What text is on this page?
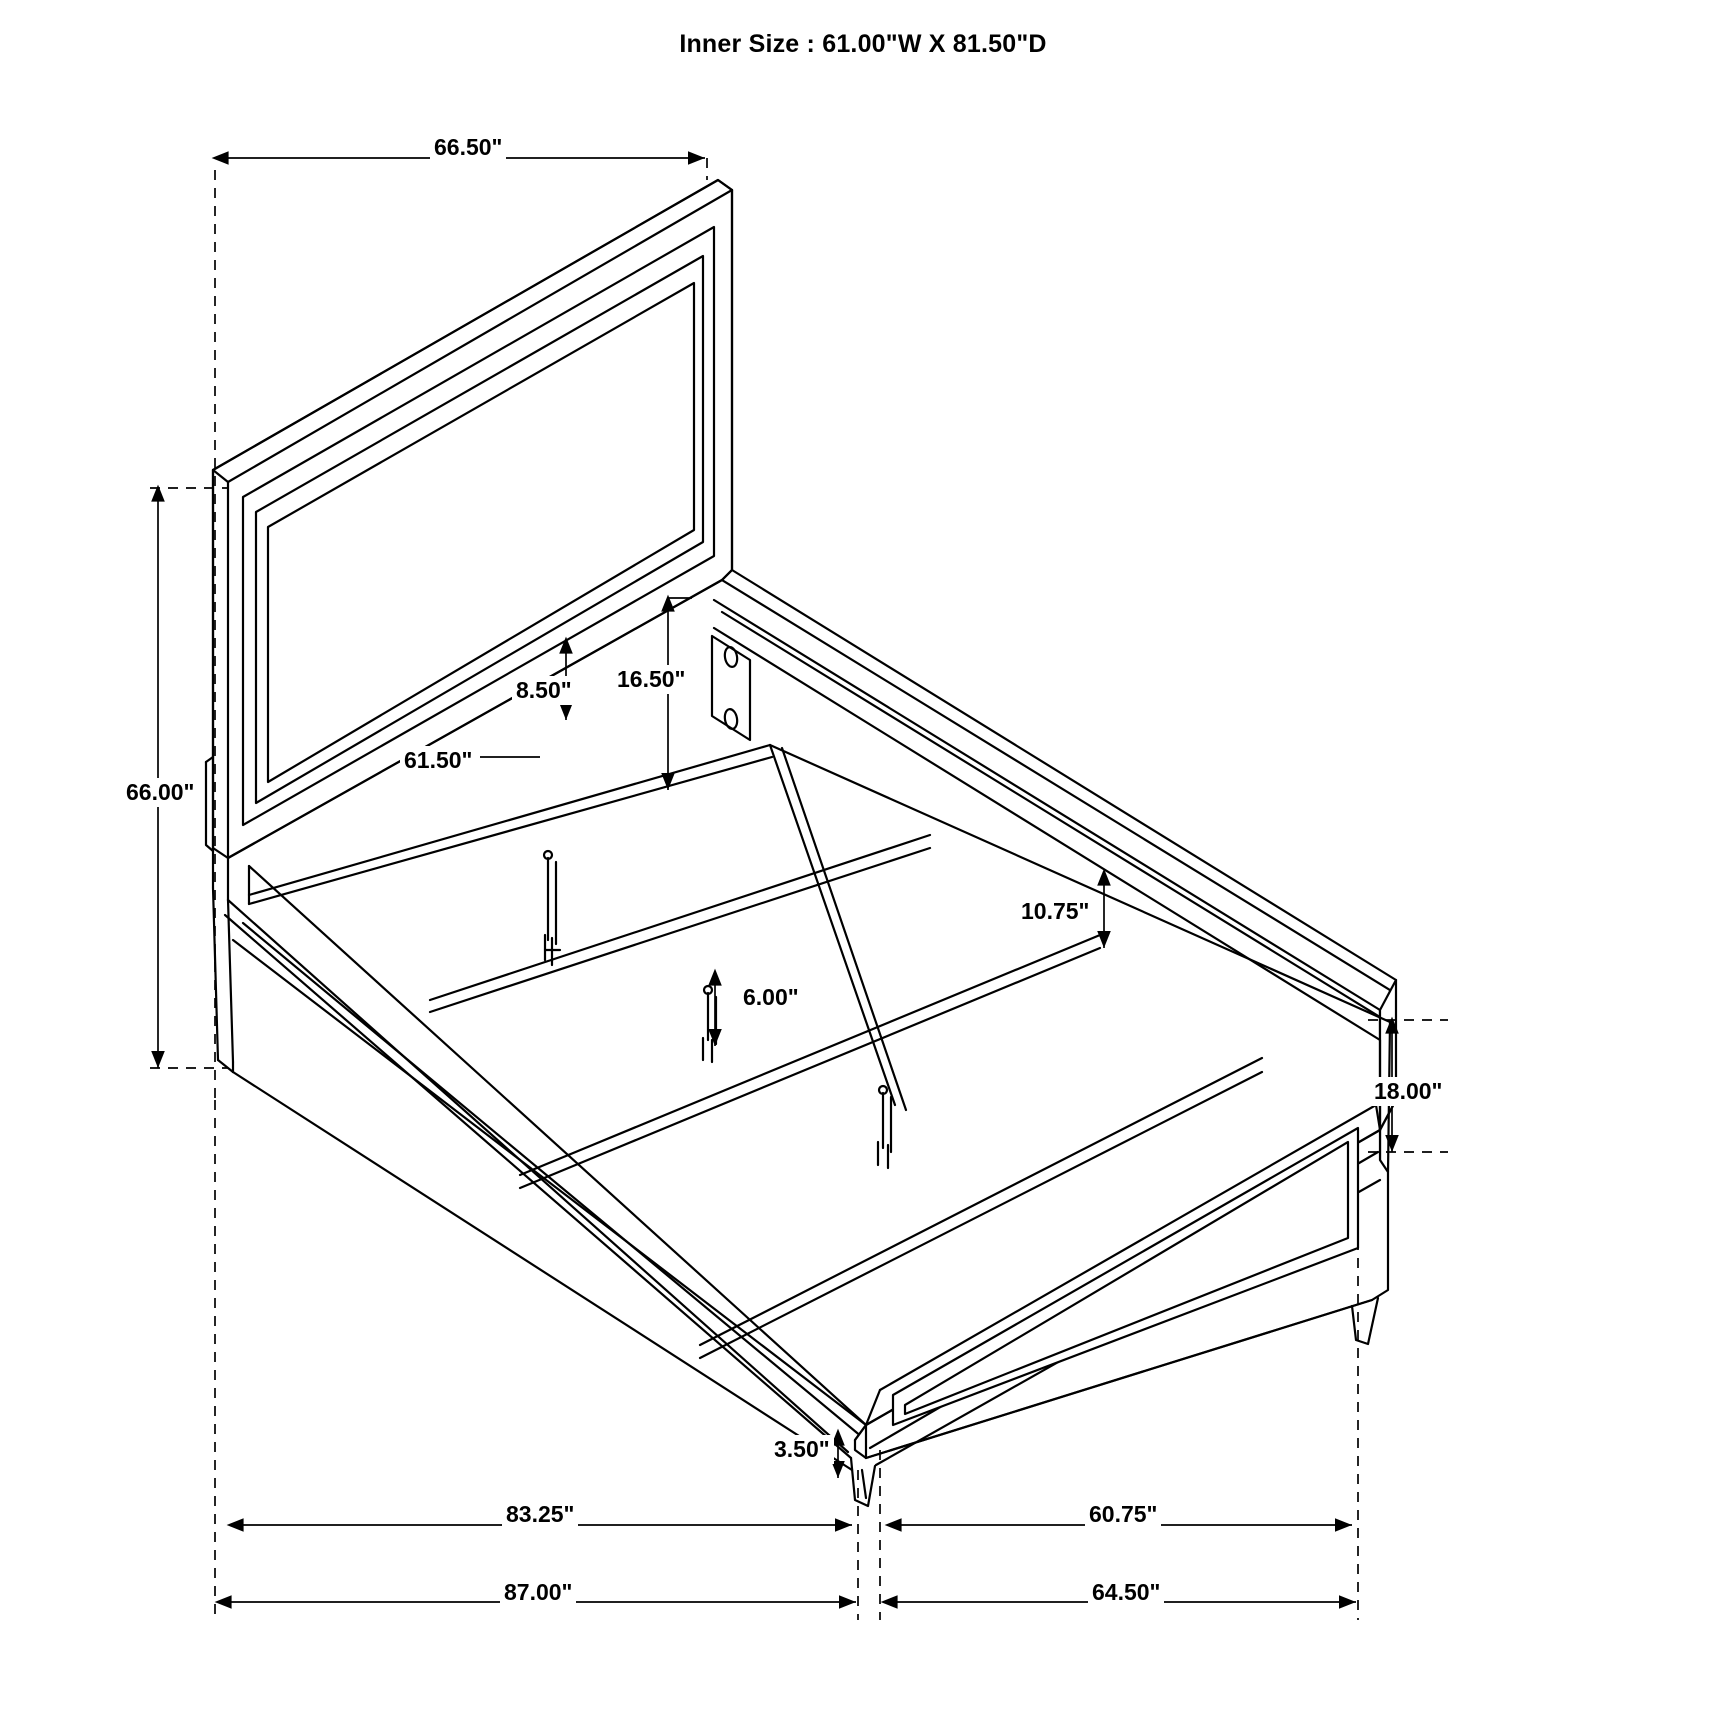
Inner Size : 61.00"W X 81.50"D
66.50"
66.00"
8.50" 16.50"
61.50"
10.75"
6.00"
18.00"
3.50"
83.25"	60.75"
87.00"	64.50"
